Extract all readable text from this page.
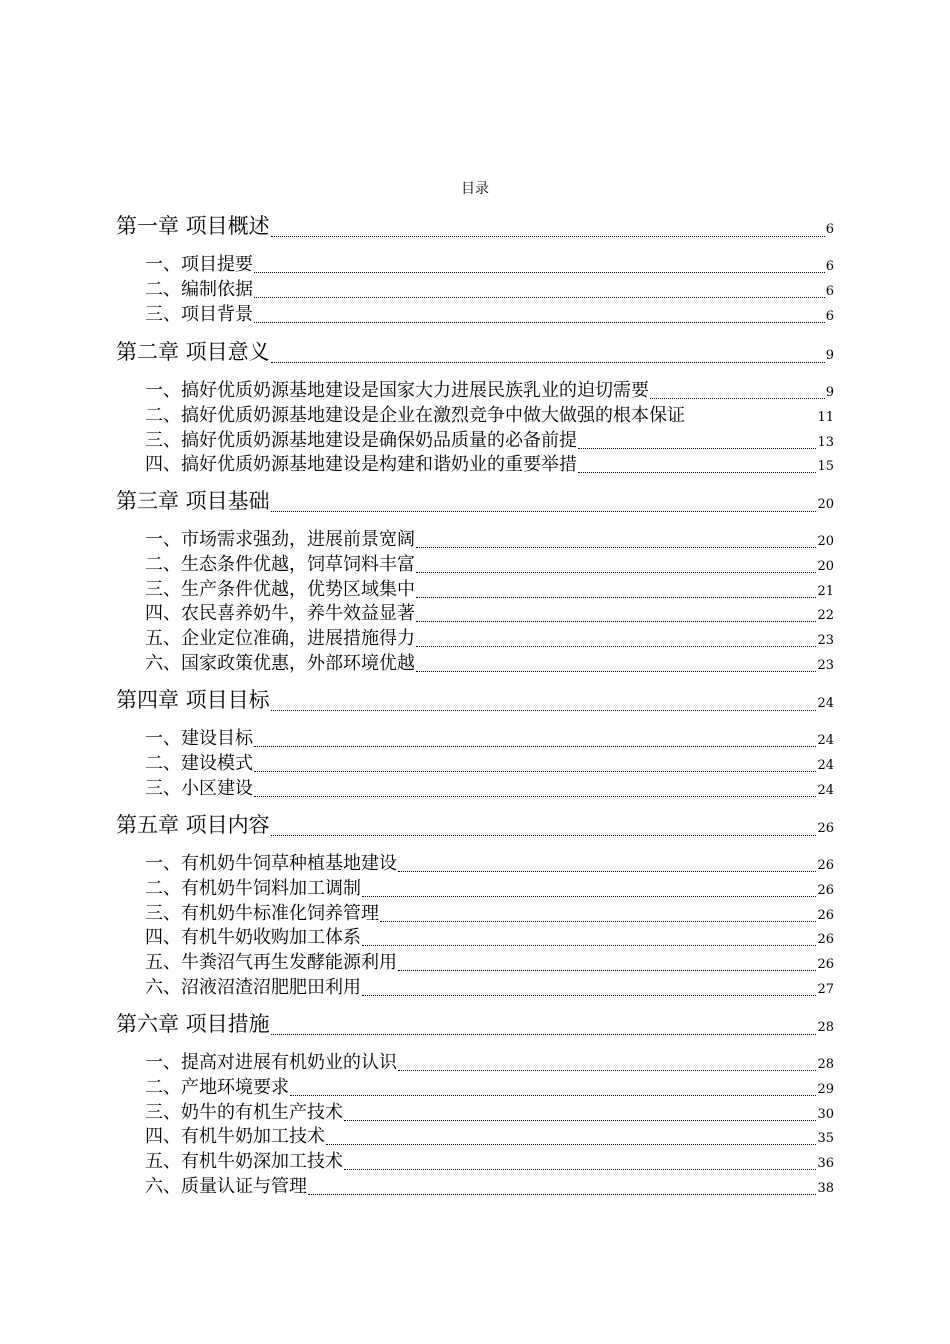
目录
第一章 项目概述	6
一、项目提要	6
二、编制依据	6
三、项目背景	6
第二章 项目意义	9
一、搞好优质奶源基地建设是国家大力进展民族乳业的迫切需要	9
二、搞好优质奶源基地建设是企业在激烈竞争中做大做强的根本保证	11
三、搞好优质奶源基地建设是确保奶品质量的必备前提	13
四、搞好优质奶源基地建设是构建和谐奶业的重要举措	15
第三章 项目基础	20
一、市场需求强劲，进展前景宽阔	20
二、生态条件优越，饲草饲料丰富	20
三、生产条件优越，优势区域集中	21
四、农民喜养奶牛，养牛效益显著	22
五、企业定位准确，进展措施得力	23
六、国家政策优惠，外部环境优越	23
第四章 项目目标	24
一、建设目标	24
二、建设模式	24
三、小区建设	24
第五章 项目内容	26
一、有机奶牛饲草种植基地建设	26
二、有机奶牛饲料加工调制	26
三、有机奶牛标准化饲养管理	26
四、有机牛奶收购加工体系	26
五、牛粪沼气再生发酵能源利用	26
六、沼液沼渣沼肥肥田利用	27
第六章 项目措施	28
一、提高对进展有机奶业的认识	28
二、产地环境要求	29
三、奶牛的有机生产技术	30
四、有机牛奶加工技术	35
五、有机牛奶深加工技术	36
六、质量认证与管理	38
